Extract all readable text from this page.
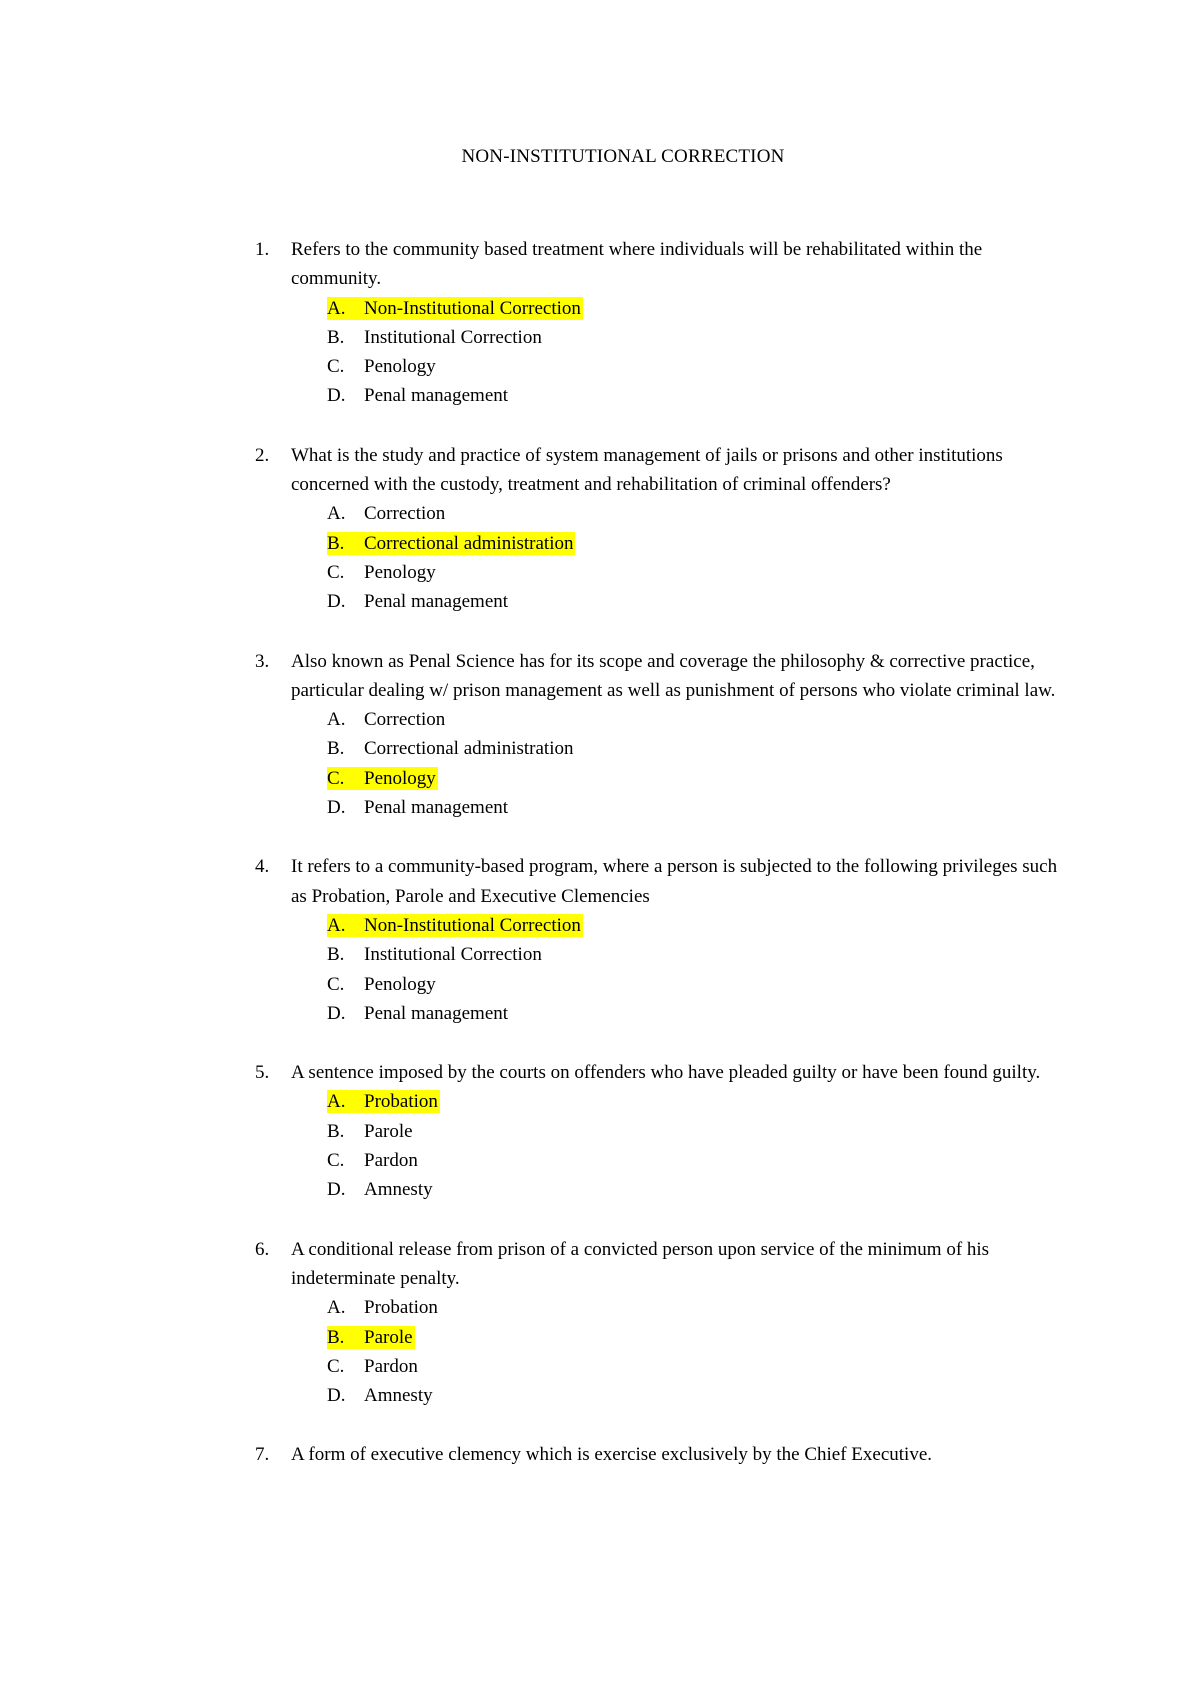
NON-INSTITUTIONAL CORRECTION
1. Refers to the community based treatment where individuals will be rehabilitated within the community.
A. Non-Institutional Correction
B. Institutional Correction
C. Penology
D. Penal management
2. What is the study and practice of system management of jails or prisons and other institutions concerned with the custody, treatment and rehabilitation of criminal offenders?
A. Correction
B. Correctional administration
C. Penology
D. Penal management
3. Also known as Penal Science has for its scope and coverage the philosophy & corrective practice, particular dealing w/ prison management as well as punishment of persons who violate criminal law.
A. Correction
B. Correctional administration
C. Penology
D. Penal management
4. It refers to a community-based program, where a person is subjected to the following privileges such as Probation, Parole and Executive Clemencies
A. Non-Institutional Correction
B. Institutional Correction
C. Penology
D. Penal management
5. A sentence imposed by the courts on offenders who have pleaded guilty or have been found guilty.
A. Probation
B. Parole
C. Pardon
D. Amnesty
6. A conditional release from prison of a convicted person upon service of the minimum of his indeterminate penalty.
A. Probation
B. Parole
C. Pardon
D. Amnesty
7. A form of executive clemency which is exercise exclusively by the Chief Executive.
